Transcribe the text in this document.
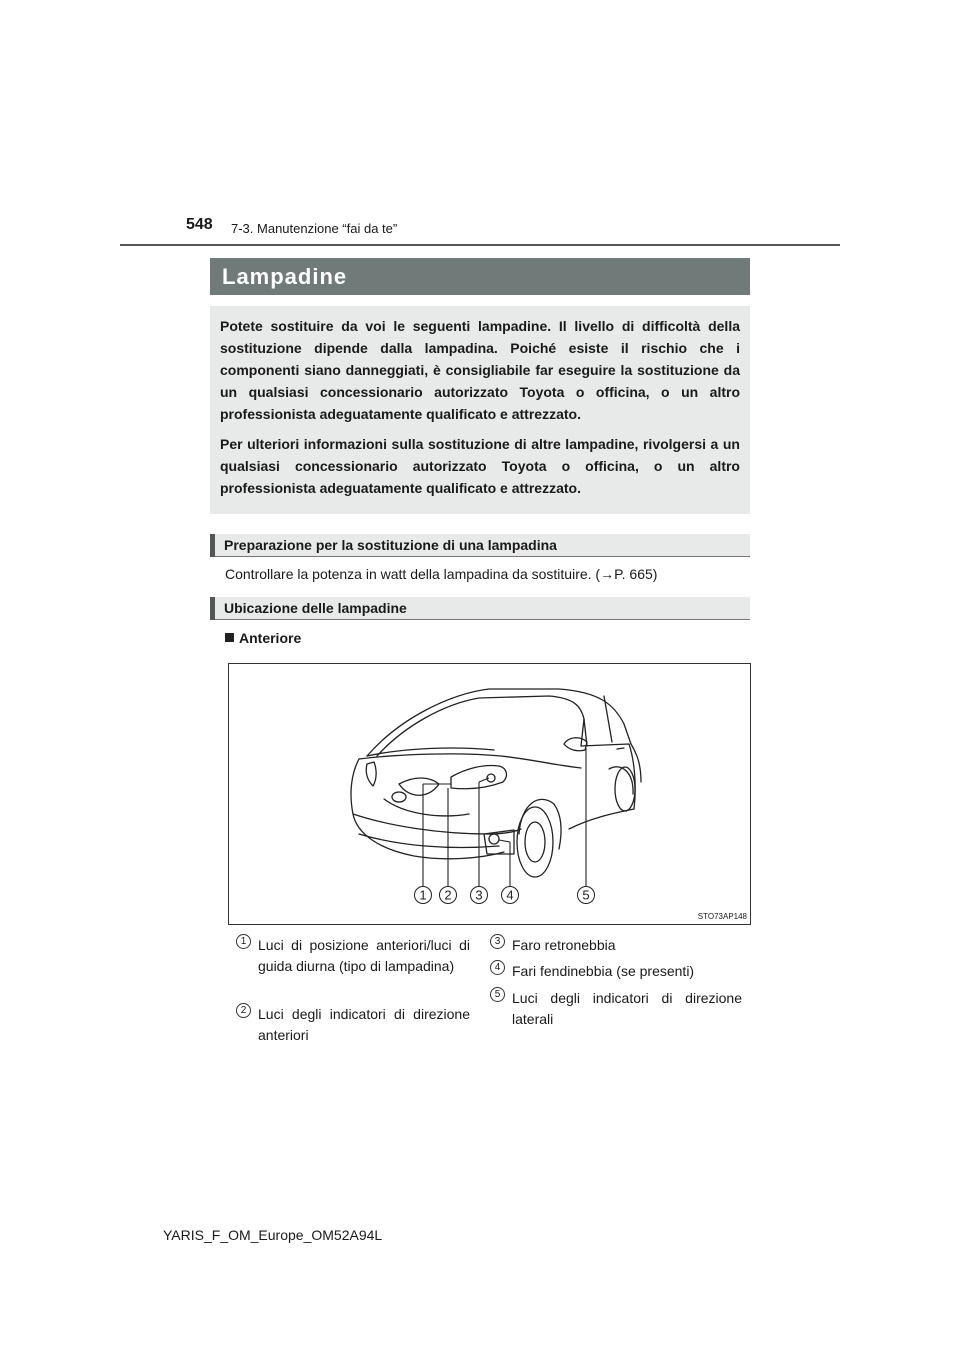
548 7-3. Manutenzione “fai da te”
Lampadine

Potete sostituire da voi le seguenti lampadine. Il livello di difficoltà della sostituzione dipende dalla lampadina. Poiché esiste il rischio che i componenti siano danneggiati, è consigliabile far eseguire la sostituzione da un qualsiasi concessionario autorizzato Toyota o officina, o un altro professionista adeguatamente qualificato e attrezzato.

Per ulteriori informazioni sulla sostituzione di altre lampadine, rivolgersi a un qualsiasi concessionario autorizzato Toyota o officina, o un altro professionista adeguatamente qualificato e attrezzato.

Preparazione per la sostituzione di una lampadina
Controllare la potenza in watt della lampadina da sostituire. (→P. 665)
Ubicazione delle lampadine
Anteriore
1 2 3 4	5
STO73AP148
1 Luci di posizione anteriori/luci di guida diurna (tipo di lampadina)
2 Luci degli indicatori di direzione anteriori
3 Faro retronebbia
4 Fari fendinebbia (se presenti)
5 Luci degli indicatori di direzione laterali
YARIS_F_OM_Europe_OM52A94L
